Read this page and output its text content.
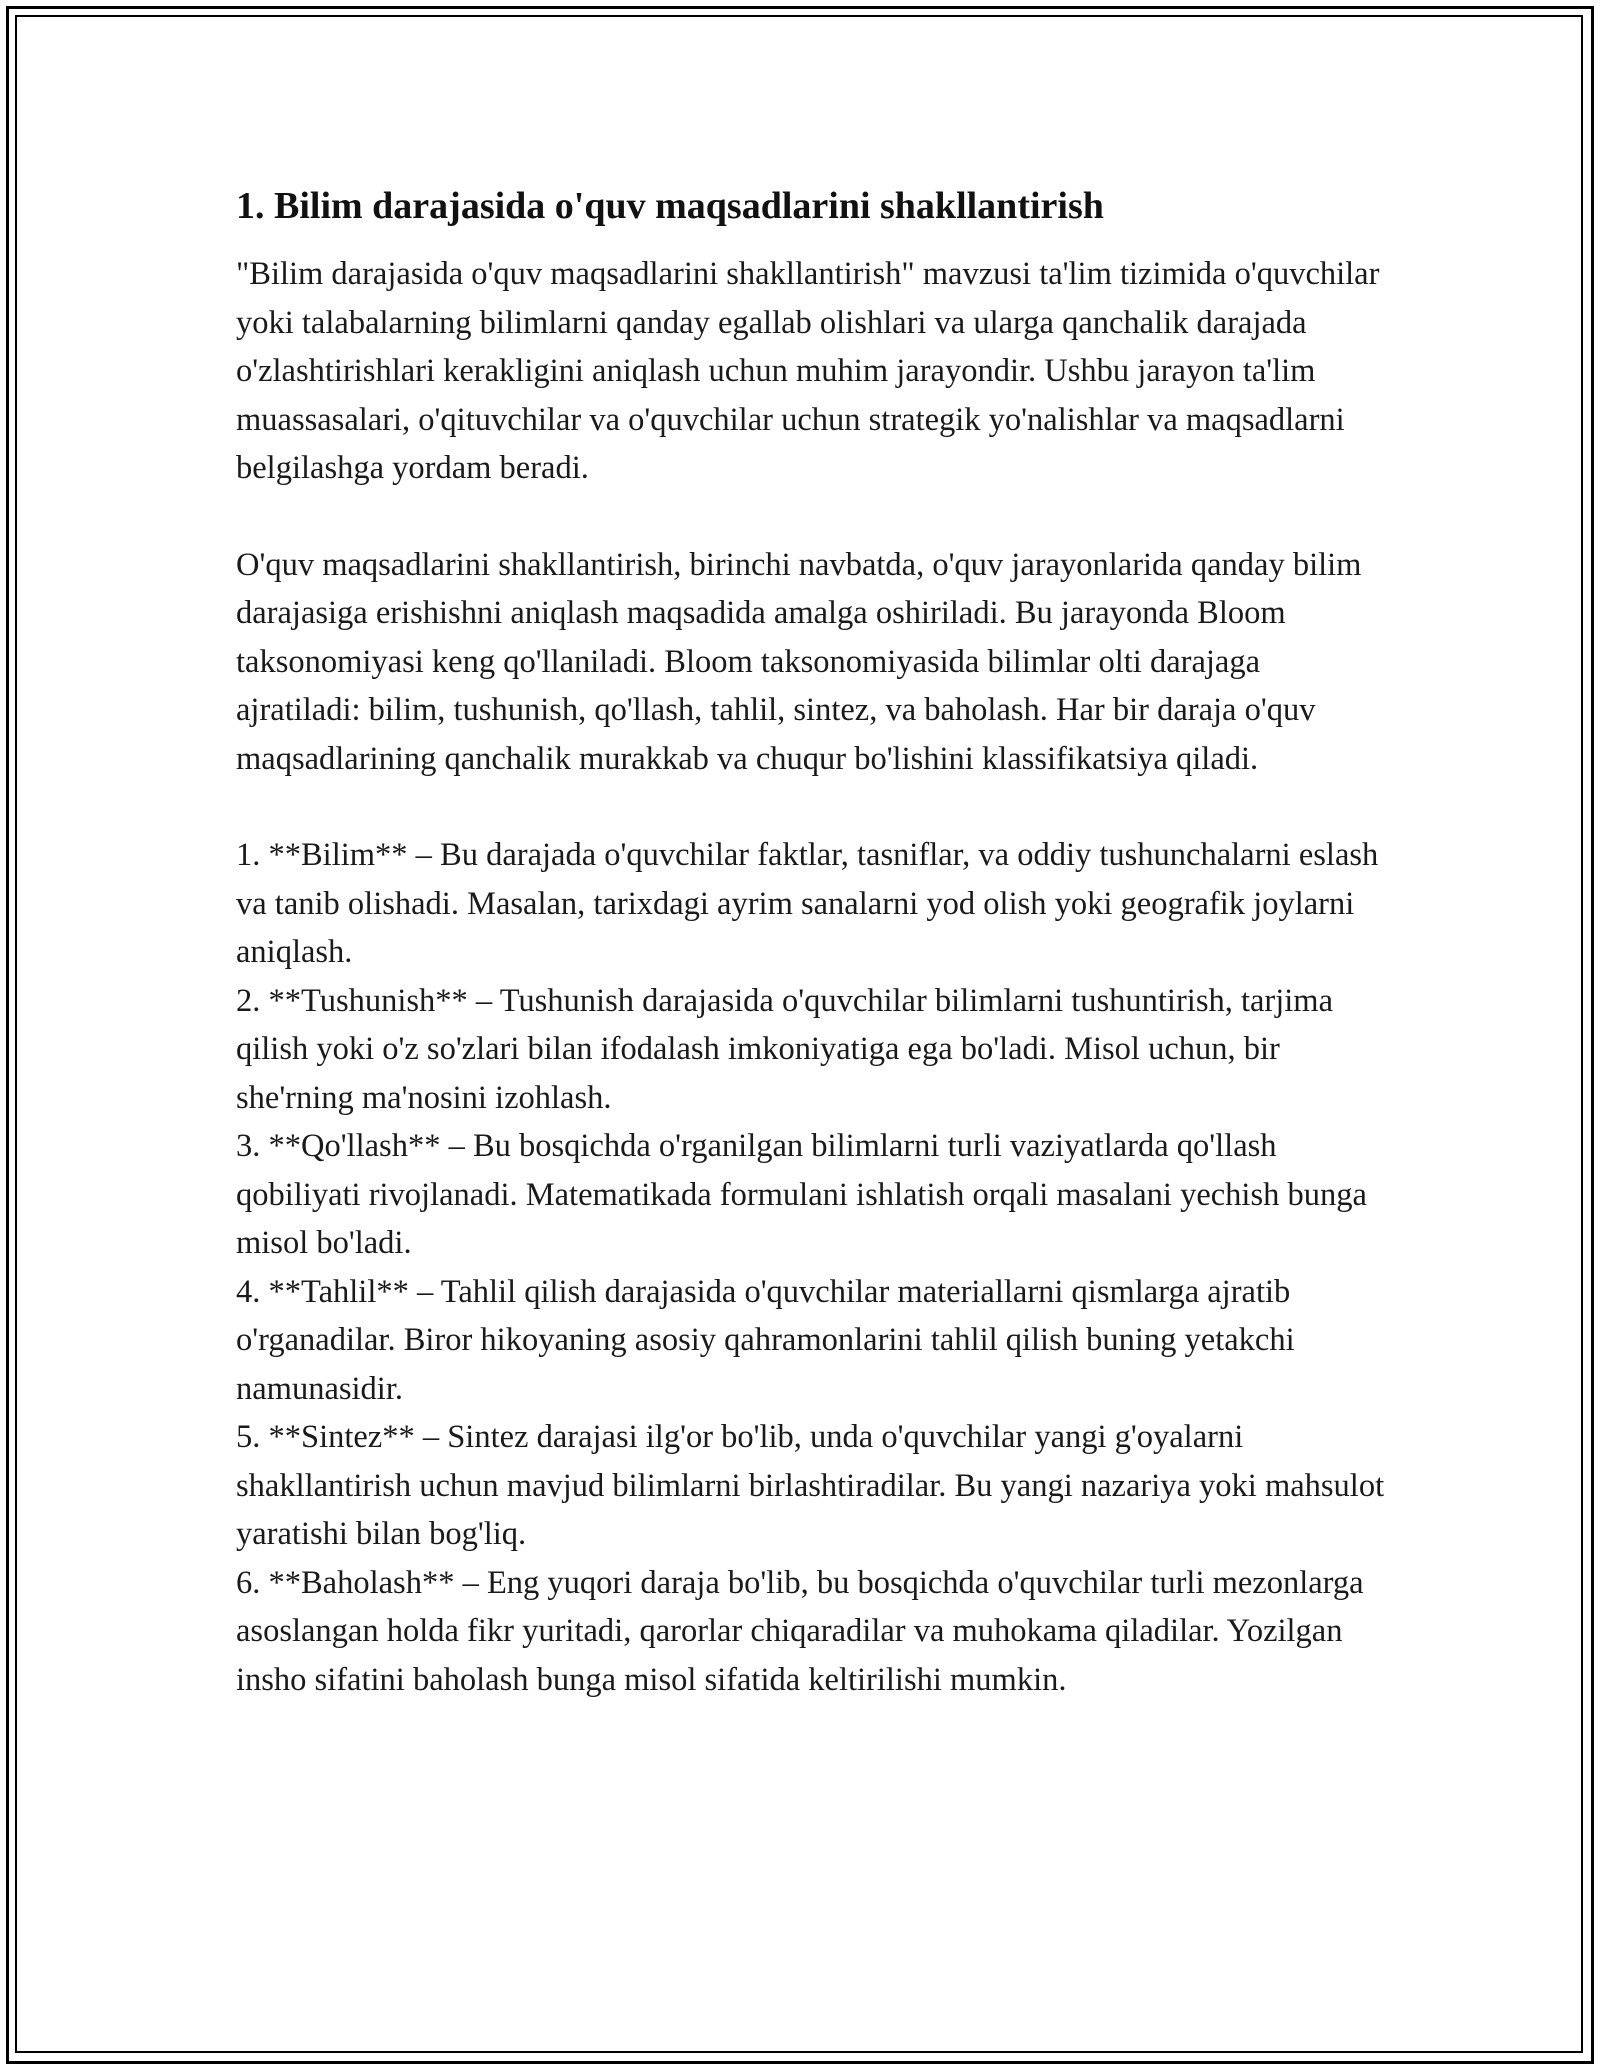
1. Bilim darajasida o'quv maqsadlarini shakllantirish

"Bilim darajasida o'quv maqsadlarini shakllantirish" mavzusi ta'lim tizimida o'quvchilar yoki talabalarning bilimlarni qanday egallab olishlari va ularga qanchalik darajada o'zlashtirishlari kerakligini aniqlash uchun muhim jarayondir. Ushbu jarayon ta'lim muassasalari, o'qituvchilar va o'quvchilar uchun strategik yo'nalishlar va maqsadlarni belgilashga yordam beradi.

O'quv maqsadlarini shakllantirish, birinchi navbatda, o'quv jarayonlarida qanday bilim darajasiga erishishni aniqlash maqsadida amalga oshiriladi. Bu jarayonda Bloom taksonomiyasi keng qo'llaniladi. Bloom taksonomiyasida bilimlar olti darajaga ajratiladi: bilim, tushunish, qo'llash, tahlil, sintez, va baholash. Har bir daraja o'quv maqsadlarining qanchalik murakkab va chuqur bo'lishini klassifikatsiya qiladi.

1. **Bilim** – Bu darajada o'quvchilar faktlar, tasniflar, va oddiy tushunchalarni eslash va tanib olishadi. Masalan, tarixdagi ayrim sanalarni yod olish yoki geografik joylarni aniqlash.
2. **Tushunish** – Tushunish darajasida o'quvchilar bilimlarni tushuntirish, tarjima qilish yoki o'z so'zlari bilan ifodalash imkoniyatiga ega bo'ladi. Misol uchun, bir she'rning ma'nosini izohlash.
3. **Qo'llash** – Bu bosqichda o'rganilgan bilimlarni turli vaziyatlarda qo'llash qobiliyati rivojlanadi. Matematikada formulani ishlatish orqali masalani yechish bunga misol bo'ladi.
4. **Tahlil** – Tahlil qilish darajasida o'quvchilar materiallarni qismlarga ajratib o'rganadilar. Biror hikoyaning asosiy qahramonlarini tahlil qilish buning yetakchi namunasidir.
5. **Sintez** – Sintez darajasi ilg'or bo'lib, unda o'quvchilar yangi g'oyalarni shakllantirish uchun mavjud bilimlarni birlashtiradilar. Bu yangi nazariya yoki mahsulot yaratishi bilan bog'liq.
6. **Baholash** – Eng yuqori daraja bo'lib, bu bosqichda o'quvchilar turli mezonlarga asoslangan holda fikr yuritadi, qarorlar chiqaradilar va muhokama qiladilar. Yozilgan insho sifatini baholash bunga misol sifatida keltirilishi mumkin.
